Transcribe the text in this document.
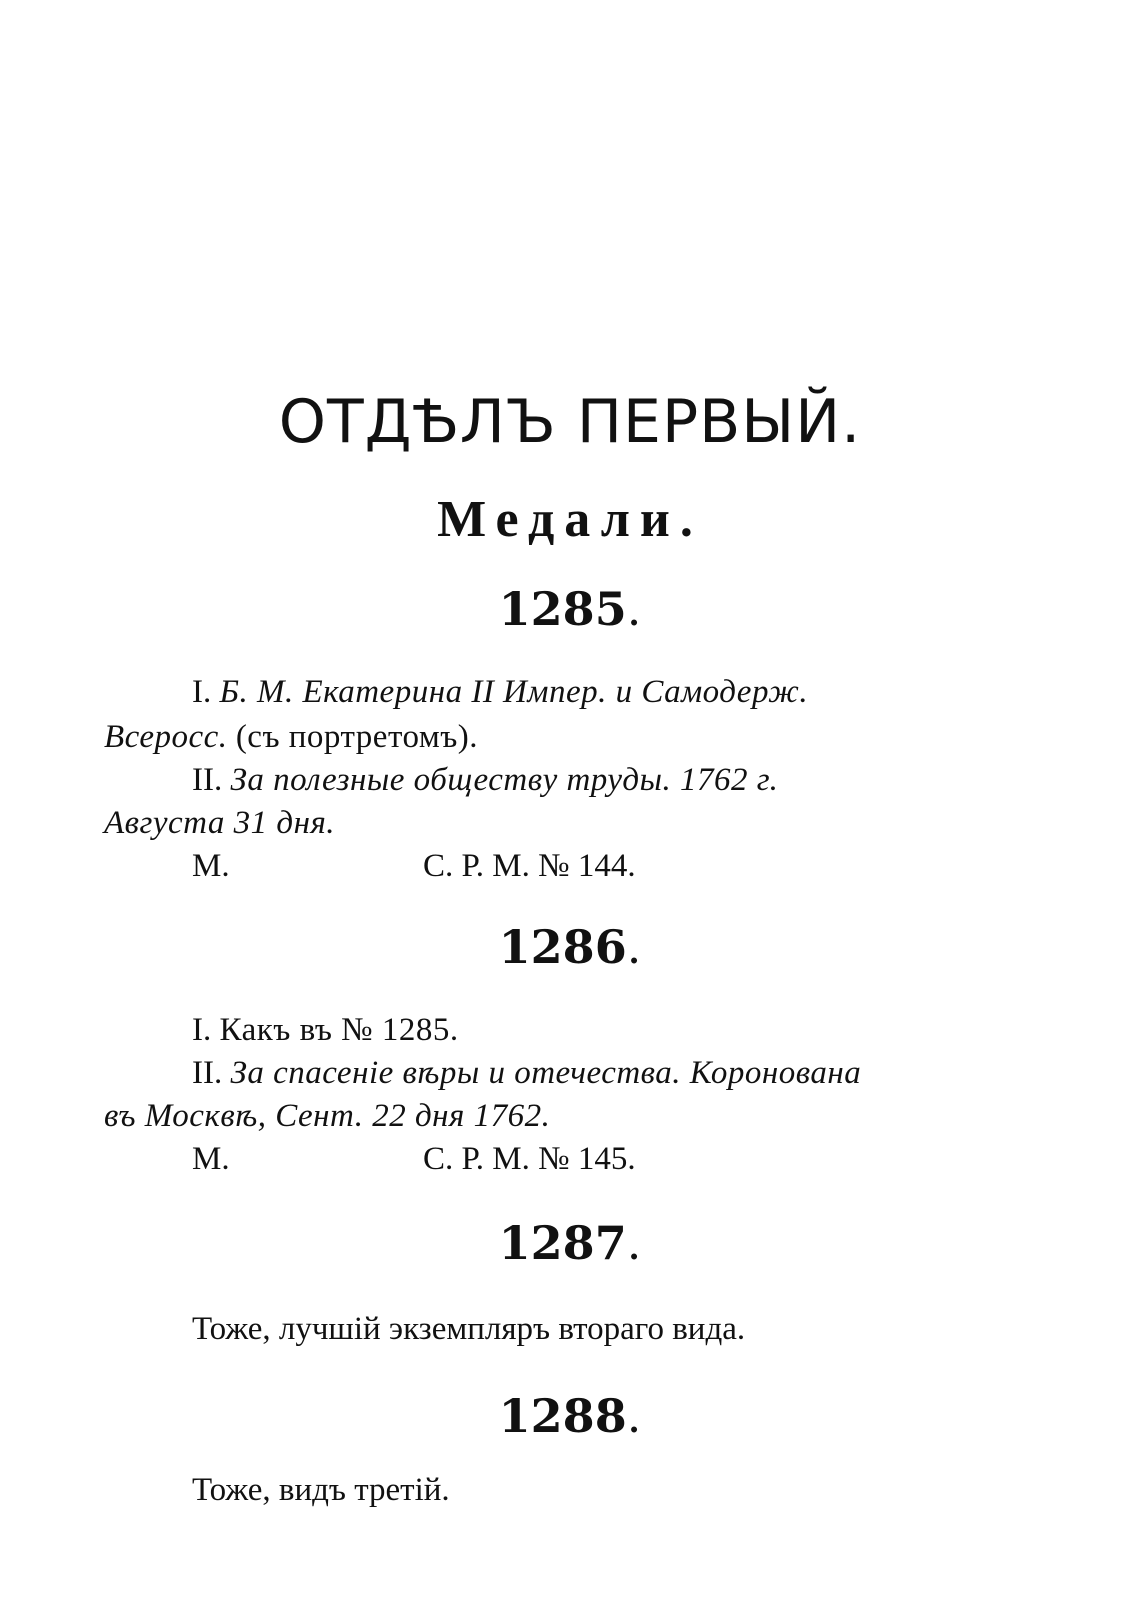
ОТДѢЛЪ ПЕРВЫЙ.
Медали.
1285.
I. Б. М. Екатерина II Импер. и Самодерж.
Всеросс. (съ портретомъ).
II. За полезные обществу труды. 1762 г.
Августа 31 дня.
М.	С. Р. М. № 144.
1286.
I. Какъ въ № 1285.
II. За спасеніе вѣры и отечества. Коронована
въ Москвѣ, Сент. 22 дня 1762.
М.	С. Р. М. № 145.
1287.
Тоже, лучшій экземпляръ втораго вида.
1288.
Тоже, видъ третій.
